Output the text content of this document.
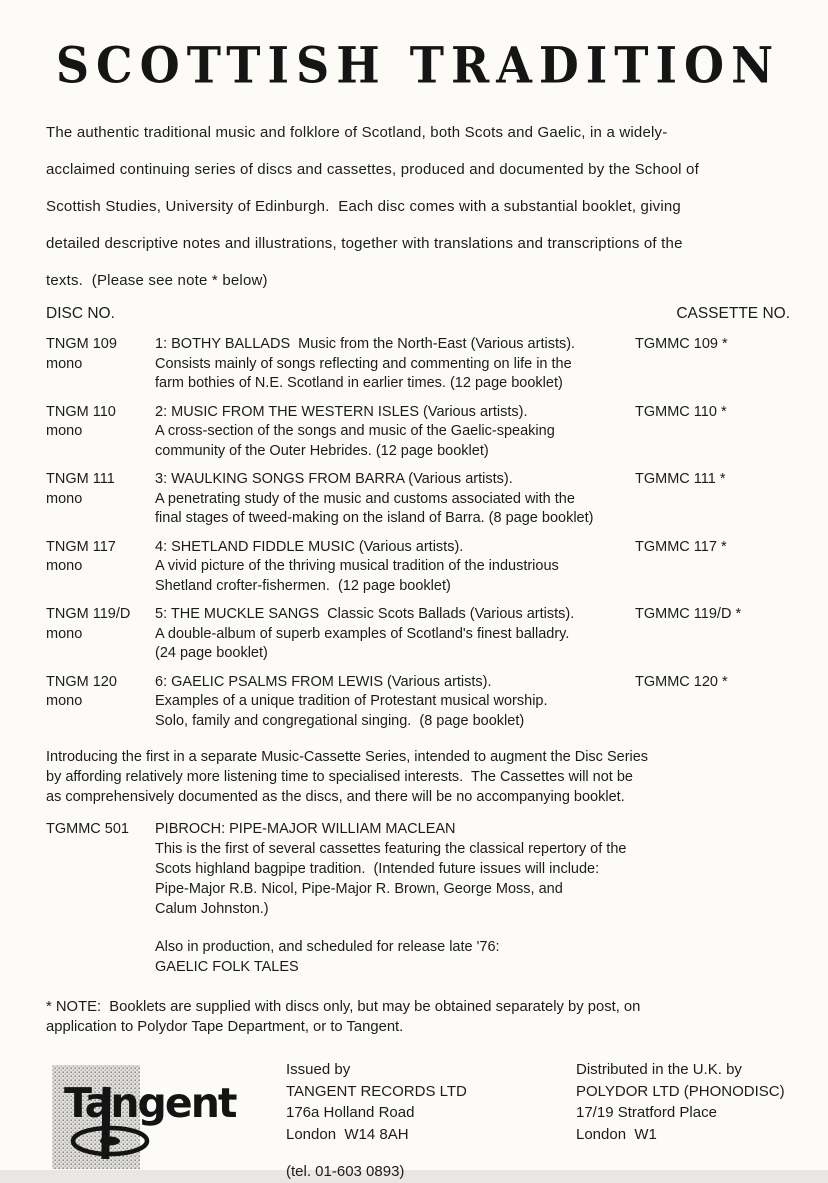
SCOTTISH TRADITION
The authentic traditional music and folklore of Scotland, both Scots and Gaelic, in a widely-
acclaimed continuing series of discs and cassettes, produced and documented by the School of
Scottish Studies, University of Edinburgh.  Each disc comes with a substantial booklet, giving
detailed descriptive notes and illustrations, together with translations and transcriptions of the
texts.  (Please see note * below)
DISC NO.	CASSETTE NO.
TNGM 109
mono
1: BOTHY BALLADS  Music from the North-East (Various artists).
Consists mainly of songs reflecting and commenting on life in the
farm bothies of N.E. Scotland in earlier times. (12 page booklet)
TGMMC 109 *
TNGM 110
mono
2: MUSIC FROM THE WESTERN ISLES (Various artists).
A cross-section of the songs and music of the Gaelic-speaking
community of the Outer Hebrides. (12 page booklet)
TGMMC 110 *
TNGM 111
mono
3: WAULKING SONGS FROM BARRA (Various artists).
A penetrating study of the music and customs associated with the
final stages of tweed-making on the island of Barra. (8 page booklet)
TGMMC 111 *
TNGM 117
mono
4: SHETLAND FIDDLE MUSIC (Various artists).
A vivid picture of the thriving musical tradition of the industrious
Shetland crofter-fishermen.  (12 page booklet)
TGMMC 117 *
TNGM 119/D
mono
5: THE MUCKLE SANGS  Classic Scots Ballads (Various artists).
A double-album of superb examples of Scotland's finest balladry.
(24 page booklet)
TGMMC 119/D *
TNGM 120
mono
6: GAELIC PSALMS FROM LEWIS (Various artists).
Examples of a unique tradition of Protestant musical worship.
Solo, family and congregational singing.  (8 page booklet)
TGMMC 120 *
Introducing the first in a separate Music-Cassette Series, intended to augment the Disc Series
by affording relatively more listening time to specialised interests.  The Cassettes will not be
as comprehensively documented as the discs, and there will be no accompanying booklet.
TGMMC 501	PIBROCH: PIPE-MAJOR WILLIAM MACLEAN
This is the first of several cassettes featuring the classical repertory of the
Scots highland bagpipe tradition.  (Intended future issues will include:
Pipe-Major R.B. Nicol, Pipe-Major R. Brown, George Moss, and
Calum Johnston.)
Also in production, and scheduled for release late '76:
GAELIC FOLK TALES
* NOTE:  Booklets are supplied with discs only, but may be obtained separately by post, on
application to Polydor Tape Department, or to Tangent.
Tangent
Issued by
TANGENT RECORDS LTD
176a Holland Road
London  W14 8AH
(tel. 01-603 0893)
Distributed in the U.K. by
POLYDOR LTD (PHONODISC)
17/19 Stratford Place
London  W1
